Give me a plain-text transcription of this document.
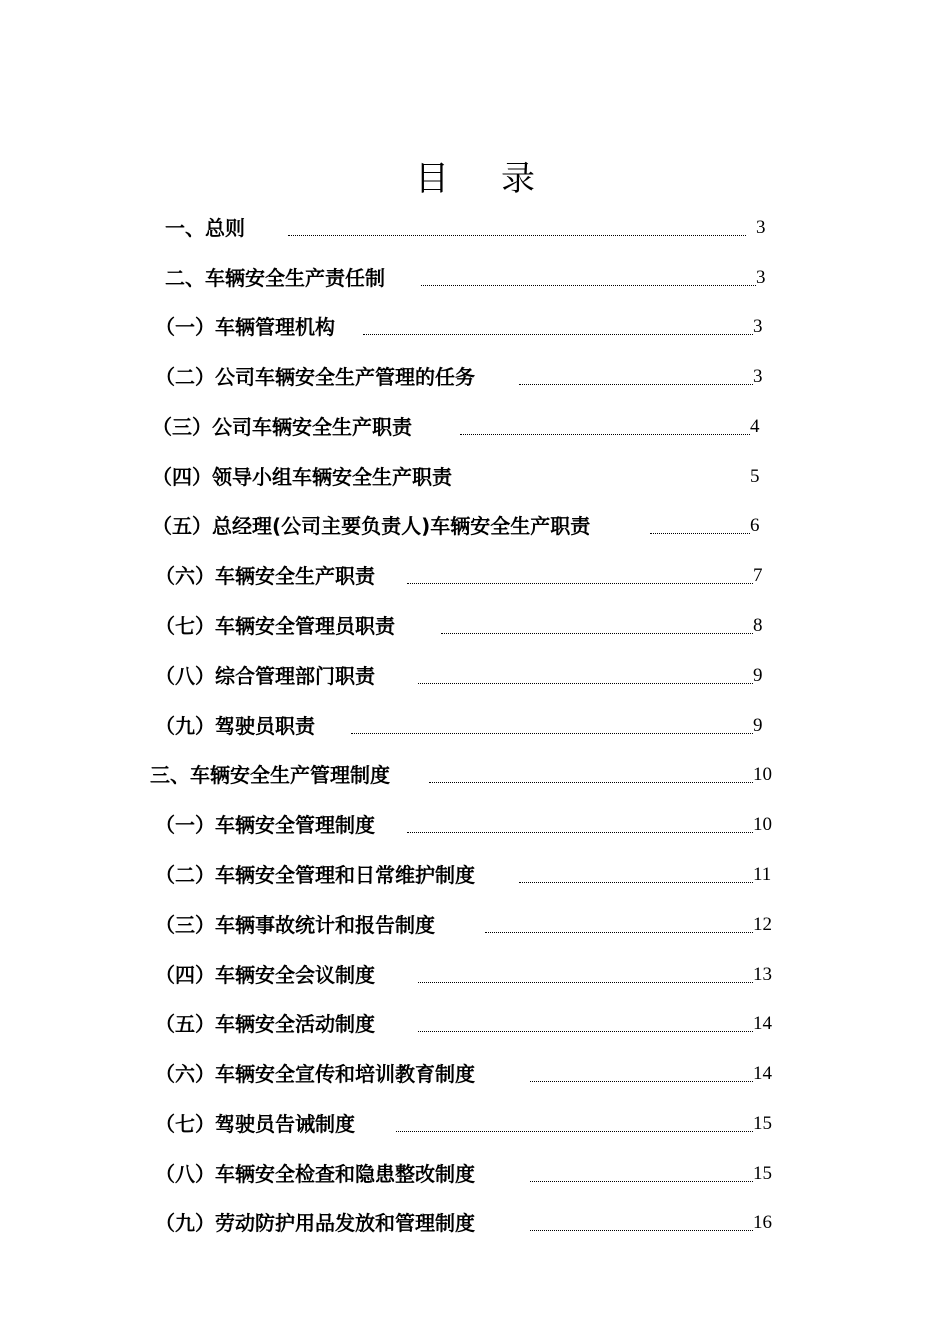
目录
一、总则	3
二、车辆安全生产责任制	3
（一）车辆管理机构	3
（二）公司车辆安全生产管理的任务	3
（三）公司车辆安全生产职责	4
（四）领导小组车辆安全生产职责	5
（五）总经理(公司主要负责人)车辆安全生产职责	6
（六）车辆安全生产职责	7
（七）车辆安全管理员职责	8
（八）综合管理部门职责	9
（九）驾驶员职责	9
三、车辆安全生产管理制度	10
（一）车辆安全管理制度	10
（二）车辆安全管理和日常维护制度	11
（三）车辆事故统计和报告制度	12
（四）车辆安全会议制度	13
（五）车辆安全活动制度	14
（六）车辆安全宣传和培训教育制度	14
（七）驾驶员告诫制度	15
（八）车辆安全检查和隐患整改制度	15
（九）劳动防护用品发放和管理制度	16
